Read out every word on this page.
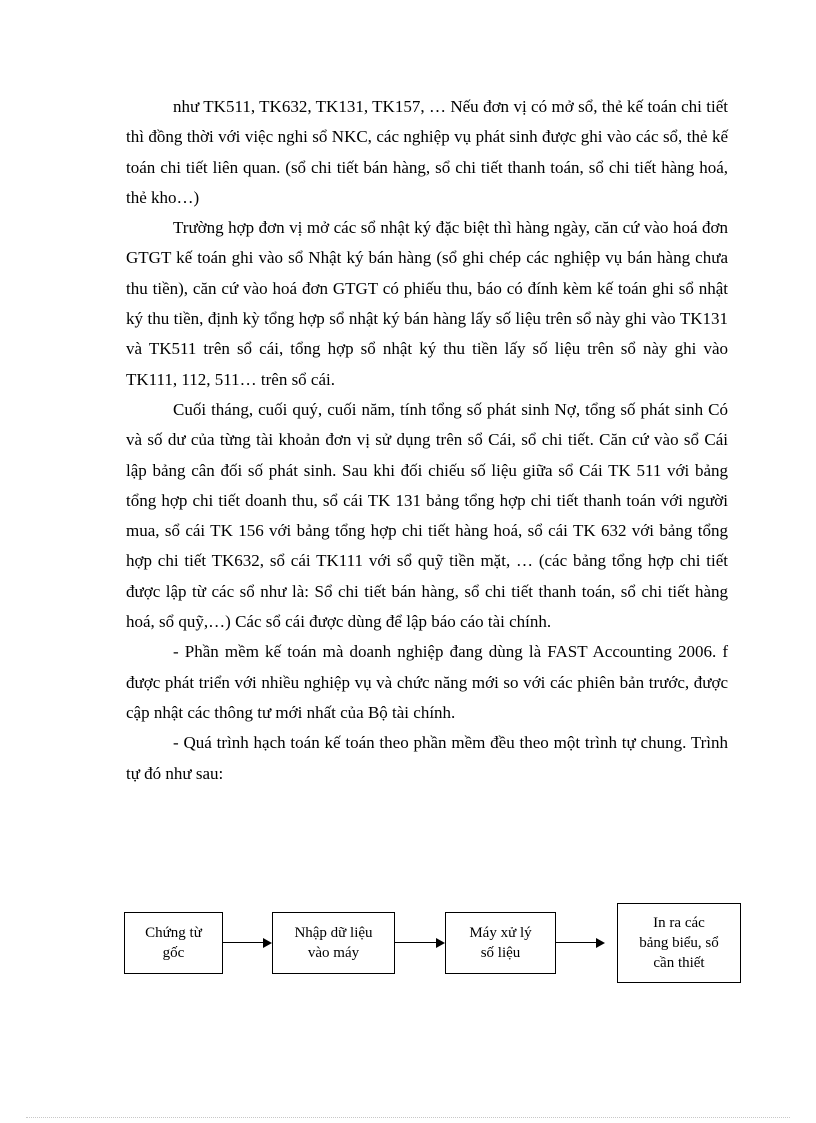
như TK511, TK632, TK131, TK157, … Nếu đơn vị có mở sổ, thẻ kế toán chi tiết thì đồng thời với việc nghi sổ NKC, các nghiệp vụ phát sinh được ghi vào các sổ, thẻ kế toán chi tiết liên quan. (sổ chi tiết bán hàng, sổ chi tiết thanh toán, sổ chi tiết hàng hoá, thẻ kho…)

Trường hợp đơn vị mở các sổ nhật ký đặc biệt thì hàng ngày, căn cứ vào hoá đơn GTGT kế toán ghi vào sổ Nhật ký bán hàng (sổ ghi chép các nghiệp vụ bán hàng chưa thu tiền), căn cứ vào hoá đơn GTGT có phiếu thu, báo có đính kèm kế toán ghi sổ nhật ký thu tiền, định kỳ tổng hợp sổ nhật ký bán hàng lấy số liệu trên sổ này ghi vào TK131 và TK511 trên sổ cái, tổng hợp sổ nhật ký thu tiền lấy số liệu trên sổ này ghi vào TK111, 112, 511… trên sổ cái.

Cuối tháng, cuối quý, cuối năm, tính tổng số phát sinh Nợ, tổng số phát sinh Có và số dư của từng tài khoản đơn vị sử dụng trên sổ Cái, sổ chi tiết. Căn cứ vào sổ Cái lập bảng cân đối số phát sinh. Sau khi đối chiếu số liệu giữa sổ Cái TK 511 với bảng tổng hợp chi tiết doanh thu, sổ cái TK 131 bảng tổng hợp chi tiết thanh toán với người mua, sổ cái TK 156 với bảng tổng hợp chi tiết hàng hoá, sổ cái TK 632 với bảng tổng hợp chi tiết TK632, sổ cái TK111 với sổ quỹ tiền mặt, … (các bảng tổng hợp chi tiết được lập từ các sổ như là: Sổ chi tiết bán hàng, sổ chi tiết thanh toán, sổ chi tiết hàng hoá, sổ quỹ,…) Các sổ cái được dùng để lập báo cáo tài chính.

- Phần mềm kế toán mà doanh nghiệp đang dùng là FAST Accounting 2006. f được phát triển với nhiều nghiệp vụ và chức năng mới so với các phiên bản trước, được cập nhật các thông tư mới nhất của Bộ tài chính.

- Quá trình hạch toán kế toán theo phần mềm đều theo một trình tự chung. Trình tự đó như sau:

Chứng từ
gốc
Nhập dữ liệu
vào máy
Máy xử lý
số liệu
In ra các
bảng biểu, sổ
cần thiết
